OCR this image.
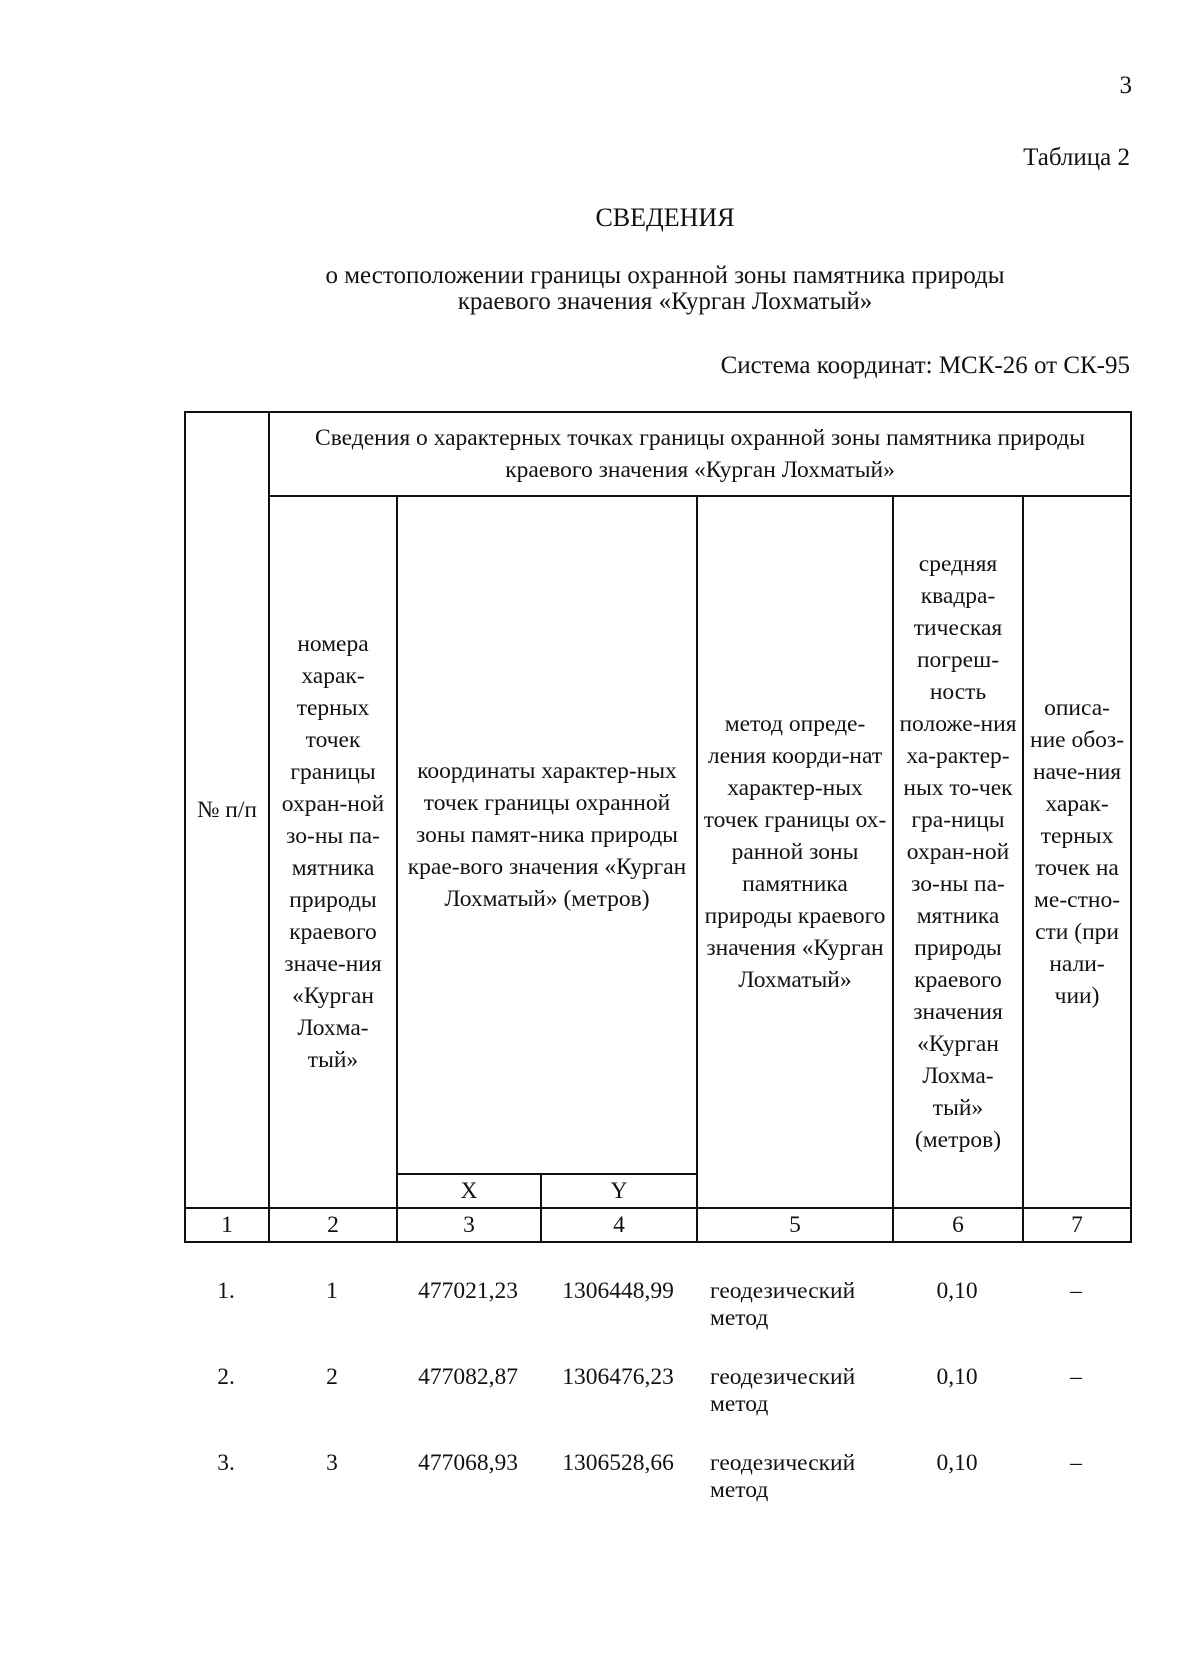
3
Таблица 2
СВЕДЕНИЯ
о местоположении границы охранной зоны памятника природы
краевого значения «Курган Лохматый»
Система координат: МСК-26 от СК-95
№ п/п	Сведения о характерных точках границы охранной зоны памятника природы краевого значения «Курган Лохматый»					

	номера харак-терных точек границы охран-ной зо-ны па-мятника природы краевого значе-ния «Курган Лохма-тый»	координаты характер-ных точек границы охранной зоны памят-ника природы крае-вого значения «Курган Лохматый» (метров)		метод опреде-ления коорди-нат характер-ных точек границы ох-ранной зоны памятника природы краевого значения «Курган Лохматый»	средняя квадра-тическая погреш-ность положе-ния ха-рактер-ных то-чек гра-ницы охран-ной зо-ны па-мятника природы краевого значения «Курган Лохма-тый» (метров)	описа-ние обоз-наче-ния харак-терных точек на ме-стно-сти (при нали-чии)

		X	Y			
1	2	3	4	5	6	7
1.	1	477021,23	1306448,99	геодезический метод	0,10	–
2.	2	477082,87	1306476,23	геодезический метод	0,10	–
3.	3	477068,93	1306528,66	геодезический метод	0,10	–
